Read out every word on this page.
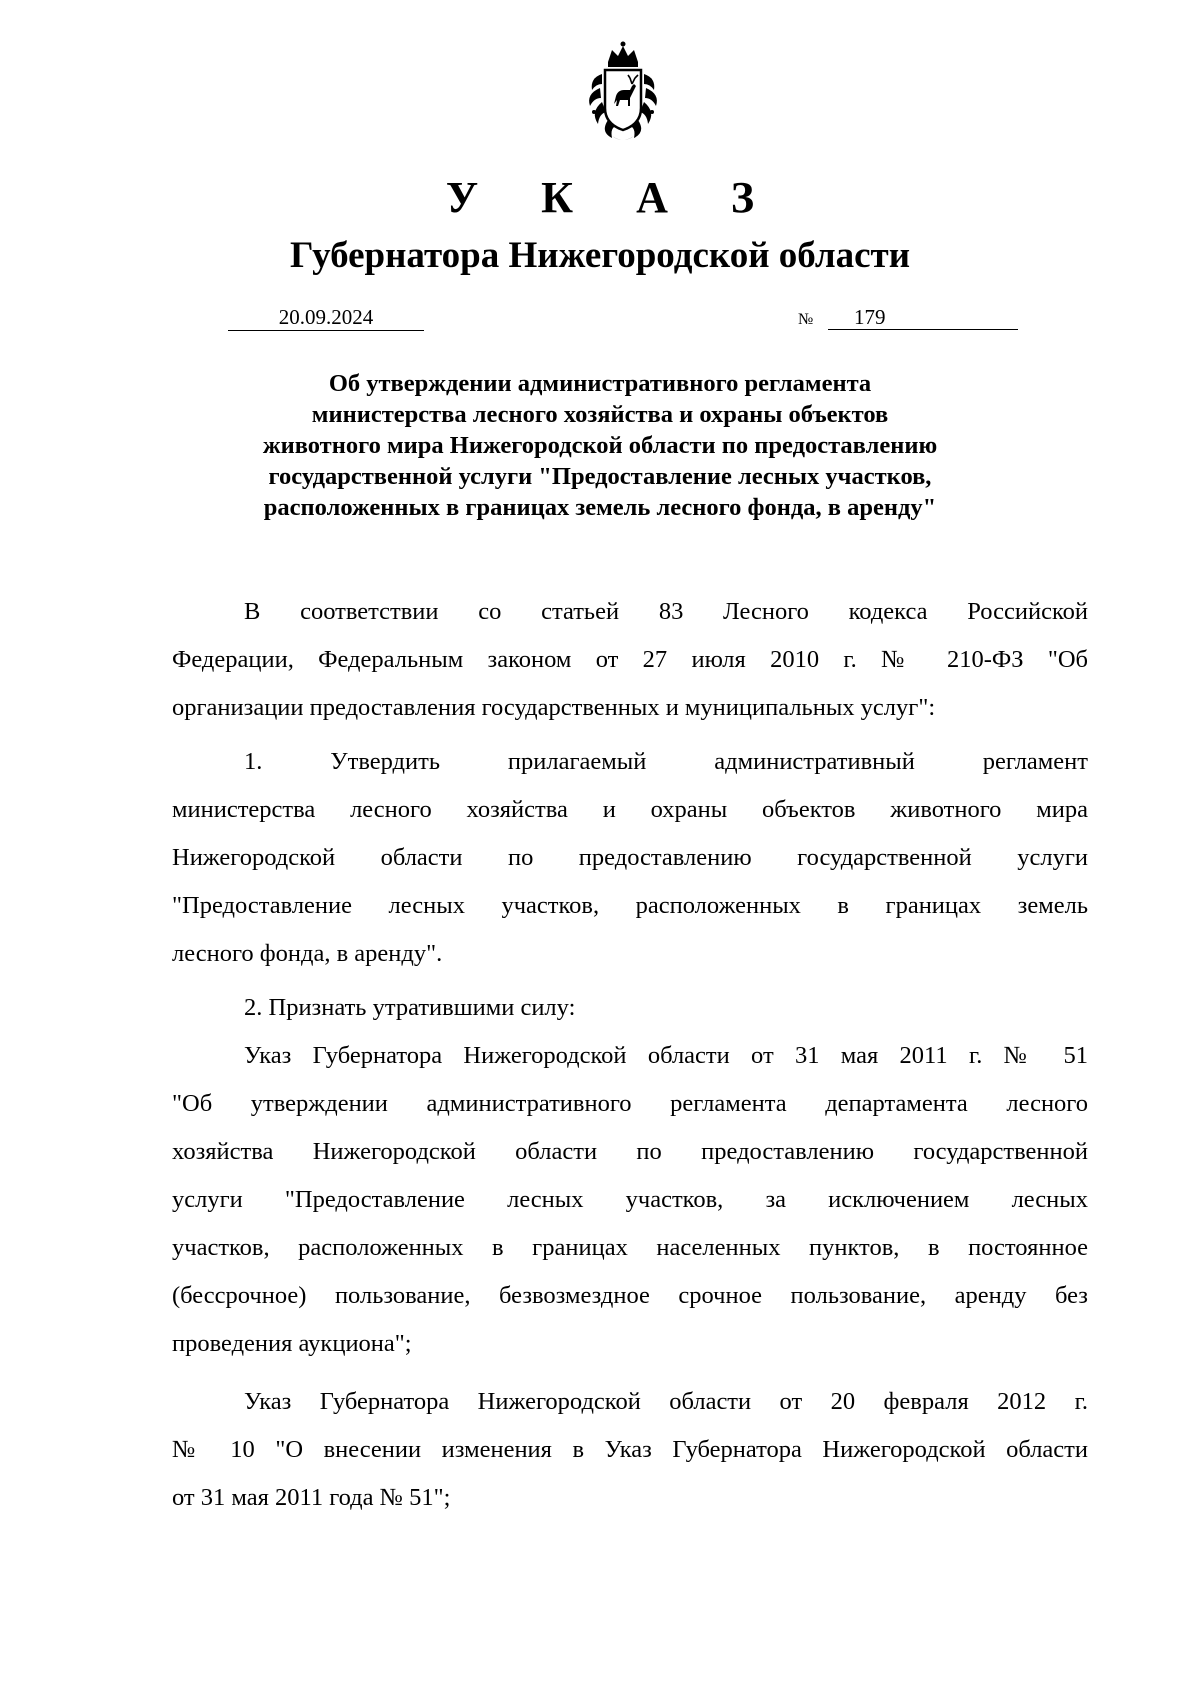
У К А З
Губернатора Нижегородской области
20.09.2024	№	179
Об утверждении административного регламента
министерства лесного хозяйства и охраны объектов
животного мира Нижегородской области по предоставлению
государственной услуги "Предоставление лесных участков,
расположенных в границах земель лесного фонда, в аренду"
В соответствии со статьей 83 Лесного кодекса Российской
Федерации, Федеральным законом от 27 июля 2010 г. № 210-ФЗ "Об
организации предоставления государственных и муниципальных услуг":
1. Утвердить прилагаемый административный регламент
министерства лесного хозяйства и охраны объектов животного мира
Нижегородской области по предоставлению государственной услуги
"Предоставление лесных участков, расположенных в границах земель
лесного фонда, в аренду".
2. Признать утратившими силу:
Указ Губернатора Нижегородской области от 31 мая 2011 г. № 51
"Об утверждении административного регламента департамента лесного
хозяйства Нижегородской области по предоставлению государственной
услуги "Предоставление лесных участков, за исключением лесных
участков, расположенных в границах населенных пунктов, в постоянное
(бессрочное) пользование, безвозмездное срочное пользование, аренду без
проведения аукциона";
Указ Губернатора Нижегородской области от 20 февраля 2012 г.
№ 10 "О внесении изменения в Указ Губернатора Нижегородской области
от 31 мая 2011 года № 51";
